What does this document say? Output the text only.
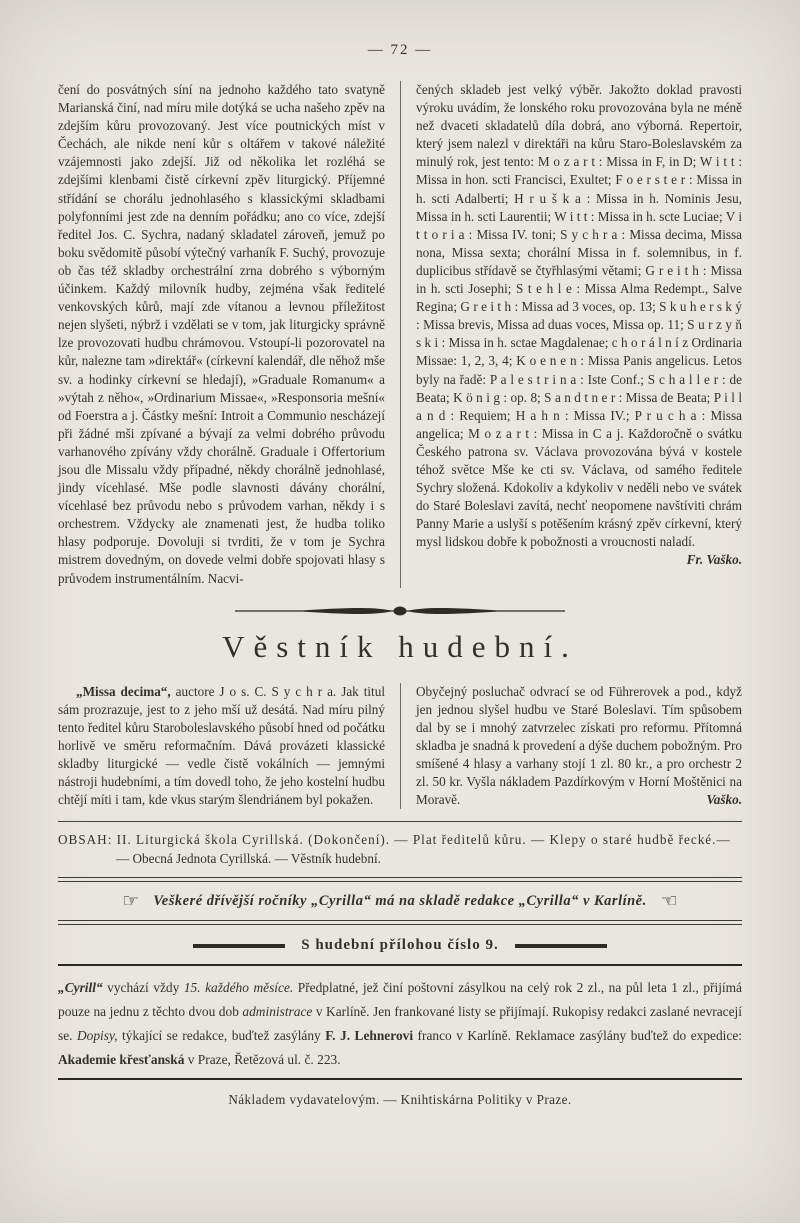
— 72 —

čení do posvátných síní na jednoho každého tato svatyně Marianská činí, nad míru mile dotýká se ucha našeho zpěv na zdejším kůru provozovaný. Jest více poutnických míst v Čechách, ale nikde není kůr s oltářem v takové náležité vzájemnosti jako zdejší. Již od několika let rozléhá se zdejšími klenbami čistě církevní zpěv liturgický. Příjemné střídání se chorálu jednohlasého s klassickými skladbami polyfonními jest zde na denním pořádku; ano co více, zdejší ředitel Jos. C. Sychra, nadaný skladatel zároveň, jemuž po boku svědomitě působí výtečný varhaník F. Suchý, provozuje ob čas též skladby orchestrální zrna dobrého s výborným účinkem. Každý milovník hudby, zejména však ředitelé venkovských kůrů, mají zde vítanou a levnou příležitost nejen slyšeti, nýbrž i vzdělati se v tom, jak liturgicky správně lze provozovati hudbu chrámovou. Vstoupí-li pozorovatel na kůr, nalezne tam »direktář« (církevní kalendář, dle něhož mše sv. a hodinky církevní se hledají), »Graduale Romanum« a »výtah z něho«, »Ordinarium Missae«, »Responsoria mešní« od Foerstra a j. Částky mešní: Introit a Communio nescházejí při žádné mši zpívané a bývají za velmi dobrého průvodu varhanového zpívány vždy chorálně. Graduale i Offertorium jsou dle Missalu vždy případné, někdy chorálně jednohlasé, jindy vícehlasé. Mše podle slavnosti dávány chorální, vícehlasé bez průvodu nebo s průvodem varhan, někdy i s orchestrem. Vždycky ale znamenati jest, že hudba toliko hlasy podporuje. Dovoluji si tvrditi, že v tom je Sychra mistrem dovedným, on dovede velmi dobře spojovati hlasy s průvodem instrumentálním. Nacvi-

čených skladeb jest velký výběr. Jakožto doklad pravosti výroku uvádím, že lonského roku provozována byla ne méně než dvaceti skladatelů díla dobrá, ano výborná. Repertoir, který jsem nalezl v direktáři na kůru Staro-Boleslavském za minulý rok, jest tento: M o z a r t : Missa in F, in D; W i t t : Missa in hon. scti Francisci, Exultet; F o e r s t e r : Missa in h. scti Adalberti; H r u š k a : Missa in h. Nominis Jesu, Missa in h. scti Laurentii; W i t t : Missa in h. scte Luciae; V i t t o r i a : Missa IV. toni; S y c h r a : Missa decima, Missa nona, Missa sexta; chorální Missa in f. solemnibus, in f. duplicibus střídavě se čtyřhlasými větami; G r e i t h : Missa in h. scti Josephi; S t e h l e : Missa Alma Redempt., Salve Regina; G r e i t h : Missa ad 3 voces, op. 13; S k u h e r s k ý : Missa brevis, Missa ad duas voces, Missa op. 11; S u r z y ň s k i : Missa in h. sctae Magdalenae; c h o r á l n í z Ordinaria Missae: 1, 2, 3, 4; K o e n e n : Missa Panis angelicus. Letos byly na řadě: P a l e s t r i n a : Iste Conf.; S c h a l l e r : de Beata; K ö n i g : op. 8; S a n d t n e r : Missa de Beata; P i l l a n d : Requiem; H a h n : Missa IV.; P r u c h a : Missa angelica; M o z a r t : Missa in C a j. Každoročně o svátku Českého patrona sv. Václava provozována bývá v kostele téhož světce Mše ke cti sv. Václava, od samého ředitele Sychry složená. Kdokoliv a kdykoliv v neděli nebo ve svátek do Staré Boleslavi zavítá, nechť neopomene navštíviti chrám Panny Marie a uslyší s potěšením krásný zpěv církevní, který mysl lidskou dobře k pobožnosti a vroucnosti naladí.
Fr. Vaško.

Věstník hudební.

„Missa decima“, auctore J o s. C. S y c h r a. Jak titul sám prozrazuje, jest to z jeho mší už desátá. Nad míru pilný tento ředitel kůru Staroboleslavského působí hned od počátku horlivě ve směru reformačním. Dává provázeti klassické skladby liturgické — vedle čistě vokálních — jemnými nástroji hudebními, a tím dovedl toho, že jeho kostelní hudbu chtějí míti i tam, kde vkus starým šlendriánem byl pokažen.

Obyčejný posluchač odvrací se od Führerovek a pod., když jen jednou slyšel hudbu ve Staré Boleslavi. Tím spůsobem dal by se i mnohý zatvrzelec získati pro reformu. Přítomná skladba je snadná k provedení a dýše duchem pobožným. Pro smíšené 4 hlasy a varhany stojí 1 zl. 80 kr., a pro orchestr 2 zl. 50 kr. Vyšla nákladem Pazdírkovým v Horní Moštěnici na Moravě.	Vaško.

OBSAH: II. Liturgická škola Cyrillská. (Dokončení). — Plat ředitelů kůru. — Klepy o staré hudbě řecké.—
— Obecná Jednota Cyrillská. — Věstník hudební.
☞ Veškeré dřívější ročníky „Cyrilla“ má na skladě redakce „Cyrilla“ v Karlíně. ☜
S hudební přílohou číslo 9.

„Cyrill“ vychází vždy 15. každého měsíce. Předplatné, jež činí poštovní zásylkou na celý rok 2 zl., na půl leta 1 zl., přijímá pouze na jednu z těchto dvou dob administrace v Karlíně. Jen frankované listy se přijímají. Rukopisy redakci zaslané nevracejí se. Dopisy, týkající se redakce, buďtež zasýlány F. J. Lehnerovi franco v Karlíně. Reklamace zasýlány buďtež do expedice: Akademie křesťanská v Praze, Řetězová ul. č. 223.

Nákladem vydavatelovým. — Knihtiskárna Politiky v Praze.
